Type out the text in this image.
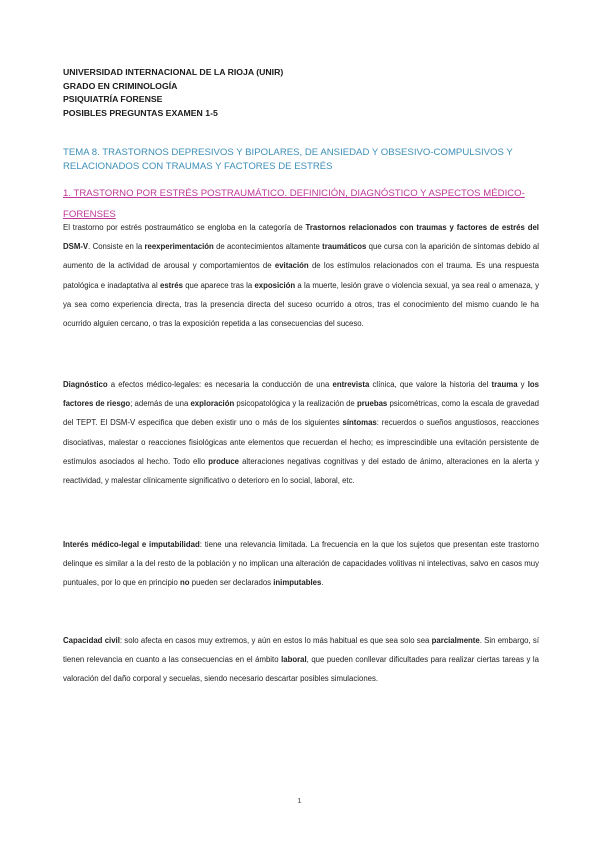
UNIVERSIDAD INTERNACIONAL DE LA RIOJA (UNIR)
GRADO EN CRIMINOLOGÍA
PSIQUIATRÍA FORENSE
POSIBLES PREGUNTAS EXAMEN 1-5
TEMA 8. TRASTORNOS DEPRESIVOS Y BIPOLARES, DE ANSIEDAD Y OBSESIVO-COMPULSIVOS Y RELACIONADOS CON TRAUMAS Y FACTORES DE ESTRÉS
1. TRASTORNO POR ESTRÉS POSTRAUMÁTICO. DEFINICIÓN, DIAGNÓSTICO Y ASPECTOS MÉDICO-FORENSES

El trastorno por estrés postraumático se engloba en la categoría de Trastornos relacionados con traumas y factores de estrés del DSM-V. Consiste en la reexperimentación de acontecimientos altamente traumáticos que cursa con la aparición de síntomas debido al aumento de la actividad de arousal y comportamientos de evitación de los estímulos relacionados con el trauma. Es una respuesta patológica e inadaptativa al estrés que aparece tras la exposición a la muerte, lesión grave o violencia sexual, ya sea real o amenaza, y ya sea como experiencia directa, tras la presencia directa del suceso ocurrido a otros, tras el conocimiento del mismo cuando le ha ocurrido alguien cercano, o tras la exposición repetida a las consecuencias del suceso.

Diagnóstico a efectos médico-legales: es necesaria la conducción de una entrevista clínica, que valore la historia del trauma y los factores de riesgo; además de una exploración psicopatológica y la realización de pruebas psicométricas, como la escala de gravedad del TEPT. El DSM-V especifica que deben existir uno o más de los siguientes síntomas: recuerdos o sueños angustiosos, reacciones disociativas, malestar o reacciones fisiológicas ante elementos que recuerdan el hecho; es imprescindible una evitación persistente de estímulos asociados al hecho. Todo ello produce alteraciones negativas cognitivas y del estado de ánimo, alteraciones en la alerta y reactividad, y malestar clínicamente significativo o deterioro en lo social, laboral, etc.

Interés médico-legal e imputabilidad: tiene una relevancia limitada. La frecuencia en la que los sujetos que presentan este trastorno delinque es similar a la del resto de la población y no implican una alteración de capacidades volitivas ni intelectivas, salvo en casos muy puntuales, por lo que en principio no pueden ser declarados inimputables.

Capacidad civil: solo afecta en casos muy extremos, y aún en estos lo más habitual es que sea solo sea parcialmente. Sin embargo, sí tienen relevancia en cuanto a las consecuencias en el ámbito laboral, que pueden conllevar dificultades para realizar ciertas tareas y la valoración del daño corporal y secuelas, siendo necesario descartar posibles simulaciones.

1
